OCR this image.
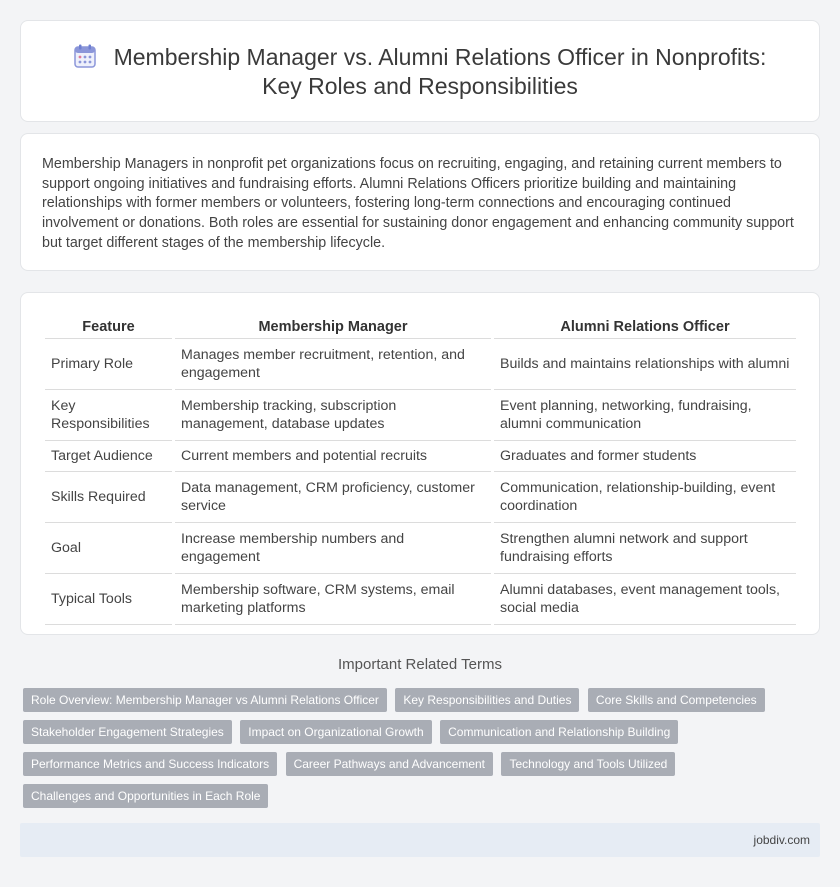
Membership Manager vs. Alumni Relations Officer in Nonprofits:
Key Roles and Responsibilities

Membership Managers in nonprofit pet organizations focus on recruiting, engaging, and retaining current members to support ongoing initiatives and fundraising efforts. Alumni Relations Officers prioritize building and maintaining relationships with former members or volunteers, fostering long-term connections and encouraging continued involvement or donations. Both roles are essential for sustaining donor engagement and enhancing community support but target different stages of the membership lifecycle.

Feature	Membership Manager	Alumni Relations Officer
Primary Role	Manages member recruitment, retention, and engagement	Builds and maintains relationships with alumni
Key Responsibilities	Membership tracking, subscription management, database updates	Event planning, networking, fundraising, alumni communication
Target Audience	Current members and potential recruits	Graduates and former students
Skills Required	Data management, CRM proficiency, customer service	Communication, relationship-building, event coordination
Goal	Increase membership numbers and engagement	Strengthen alumni network and support fundraising efforts
Typical Tools	Membership software, CRM systems, email marketing platforms	Alumni databases, event management tools, social media
Important Related Terms
Role Overview: Membership Manager vs Alumni Relations Officer Key Responsibilities and Duties Core Skills and Competencies Stakeholder Engagement Strategies Impact on Organizational Growth Communication and Relationship Building Performance Metrics and Success Indicators Career Pathways and Advancement Technology and Tools Utilized Challenges and Opportunities in Each Role
jobdiv.com
